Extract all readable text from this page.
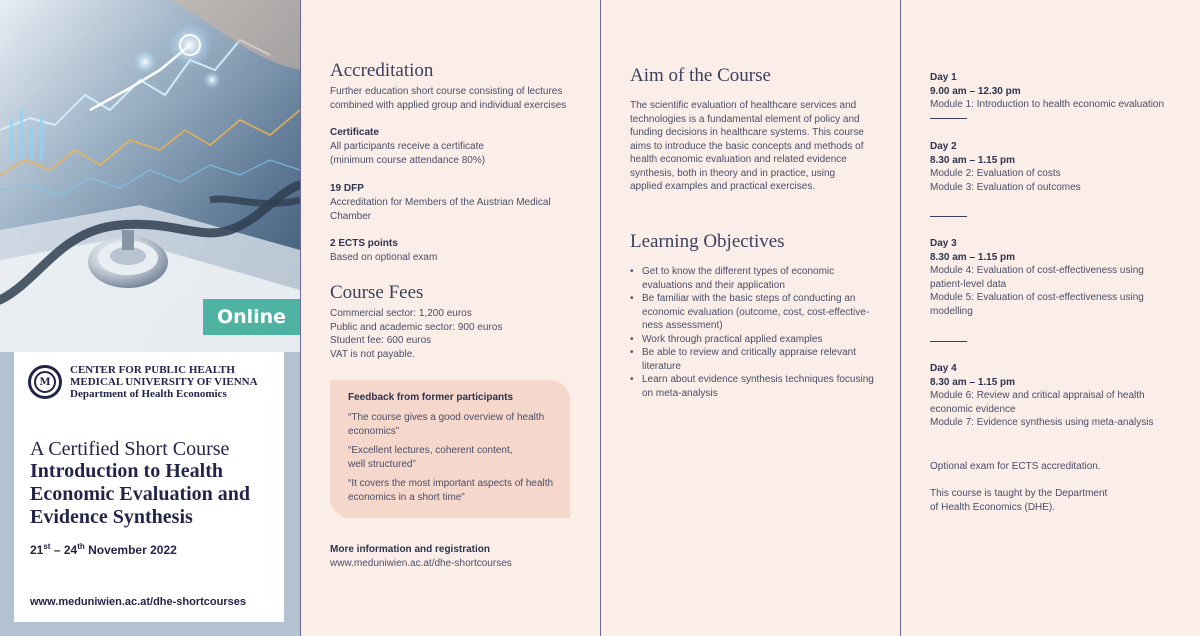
Online
M
CENTER FOR PUBLIC HEALTH
MEDICAL UNIVERSITY OF VIENNA
Department of Health Economics
A Certified Short Course
Introduction to Health Economic Evaluation and Evidence Synthesis
21st – 24th November 2022
www.meduniwien.ac.at/dhe-shortcourses
Accreditation
Further education short course consisting of lectures combined with applied group and individual exercises
Certificate
All participants receive a certificate (minimum course attendance 80%)
19 DFP
Accreditation for Members of the Austrian Medical Chamber
2 ECTS points
Based on optional exam
Course Fees
Commercial sector: 1,200 euros
Public and academic sector: 900 euros
Student fee: 600 euros
VAT is not payable.
Feedback from former participants
“The course gives a good overview of health economics”
“Excellent lectures, coherent content, well structured”
“It covers the most important aspects of health economics in a short time”
More information and registration
www.meduniwien.ac.at/dhe-shortcourses
Aim of the Course
The scientific evaluation of healthcare services and technologies is a fundamental element of policy and funding decisions in healthcare systems. This course aims to introduce the basic concepts and methods of health economic evaluation and related evidence synthesis, both in theory and in practice, using applied examples and practical exercises.
Learning Objectives
• Get to know the different types of economic evaluations and their application
• Be familiar with the basic steps of conducting an economic evaluation (outcome, cost, cost-effective-ness assessment)
• Work through practical applied examples
• Be able to review and critically appraise relevant literature
• Learn about evidence synthesis techniques focusing on meta-analysis
Day 1
9.00 am – 12.30 pm
Module 1: Introduction to health economic evaluation
Day 2
8.30 am – 1.15 pm
Module 2: Evaluation of costs
Module 3: Evaluation of outcomes
Day 3
8.30 am – 1.15 pm
Module 4: Evaluation of cost-effectiveness using patient-level data
Module 5: Evaluation of cost-effectiveness using modelling
Day 4
8.30 am – 1.15 pm
Module 6: Review and critical appraisal of health economic evidence
Module 7: Evidence synthesis using meta-analysis
Optional exam for ECTS accreditation.
This course is taught by the Department of Health Economics (DHE).
